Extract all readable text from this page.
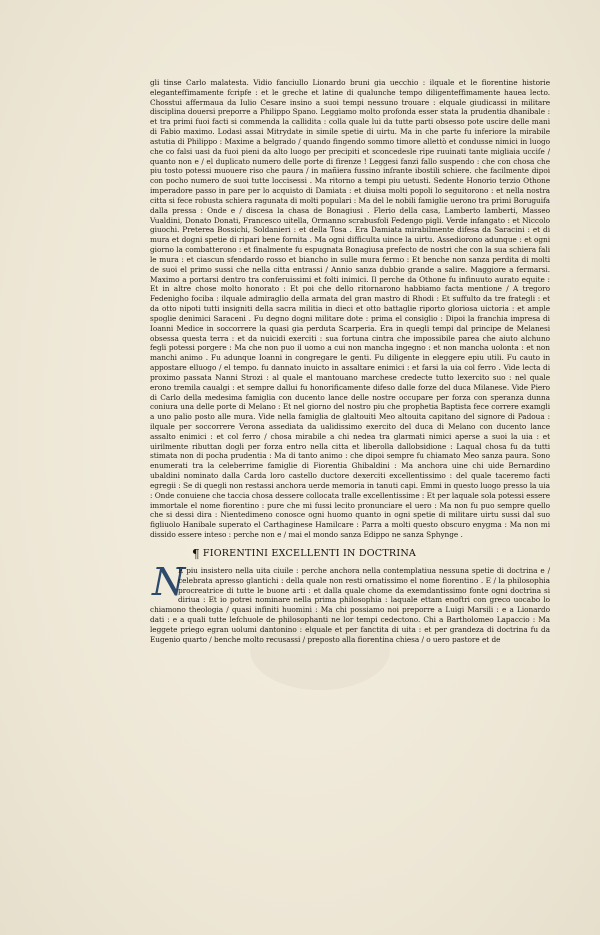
gli tinse Carlo malatesta. Vidio fanciullo Lionardo bruni gia uecchio : ilquale et le fiorentine historie eleganteffimamente fcripfe : et le greche et latine di qualunche tempo diligenteffimamente hauea lecto. Chosstui affermaua da Iulio Cesare insino a suoi tempi nessuno trouare : elquale giudicassi in militare disciplina douersi preporre a Philippo Spano. Leggiamo molto profonda esser stata la prudentia dhanibale : et tra primi fuoi facti si commenda la callidita : colla quale lui da tutte parti obsesso pote uscire delle mani di Fabio maximo. Lodasi assai Mitrydate in simile spetie di uirtu. Ma in che parte fu inferiore la mirabile astutia di Philippo : Maxime a belgrado / quando fingendo sommo timore allettò et condusse nimici in luogo che co falsi uasi da fuoi pieni da alto luogo per precipiti et sconcedesle ripe ruuinati tante migliaia ucciſe / quanto non e / el duplicato numero delle porte di firenze ! Leggesi fanzi fallo suspendo : che con chosa che piu tosto potessi muouere riso che paura / in mañiera fussino inſrante ibostili schiere. che facilmente dipoi con pocho numero de suoi tutte loccisessi . Ma ritorno a tempi piu uetusti. Sedente Honorio terzio Othone imperadore passo in pare per lo acquisto di Damiata : et diuisa molti popoli lo seguitorono : et nella nostra citta si fece robusta schiera ragunata di molti populari : Ma del le nobili famiglie uerono tra primi Boruguifa dalla pressa : Onde e / discesa la chasa de Bonagiusi . Flerio della casa, Lamberto lamberti, Masseo Vualdini, Donato Donati, Francesco uitella, Ormanno scrabusfoli Fedengo pigli. Verde infangato : et Niccolo giuochi. Preterea Bossichi, Soldanieri : et della Tosa . Era Damiata mirabilmente difesa da Saracini : et di mura et dogni spetie di ripari bene fornita . Ma ogni difficulta uince la uirtu. Assediorono adunque : et ogni giorno la combatterono : et finalmente fu espugnata Bonagiusa prefecto de nostri che con la sua schiera fali le mura : et ciascun sfendardo rosso et biancho in sulle mura fermo : Et benche non sanza perdita di molti de suoi el primo sussi che nella citta entrassi / Annio sanza dubbio grande a salire. Maggiore a fermarsi. Maximo a portarsi dentro tra conferuissimi et folti inimici. Il perche da Othone fu infinuuto aurato equite : Et in altre chose molto honorato : Et poi che dello ritornarono habbiamo facta mentione / A tregoro Fedenigho fociba : ilquale admiraglio della armata del gran mastro di Rhodi : Et suffulto da tre frategli : et da otto nipoti tutti insigniti della sacra militia in dieci et otto battaglie riporto gloriosa uictoria : et ample spoglie denimici Saraceni . Fu degno dogni militare dote : prima el consiglio : Dipoi la franchia impresa di Ioanni Medice in soccorrere la quasi gia perduta Scarperia. Era in quegli tempi dal principe de Melanesi obsessa questa terra : et da nuicidi exerciti : sua fortuna cintra che impossibile parea che aiuto alchuno fegli potessi porgere : Ma che non puo il uomo a cui non mancha ingegno : et non mancha uolonta : et non manchi animo . Fu adunque Ioanni in congregare le genti. Fu diligente in eleggere epiu utili. Fu cauto in appostare elluogo / el tempo. fu dannato inuicto in assaltare enimici : et farsi la uia col ferro . Vide lecta di proximo passata Nanni Strozi : al quale el mantouano marchese credecte tutto lexercito suo : nel quale erono tremila caualgi : et sempre dallui fu honorificamente difeso dalle forze del duca Milanese. Vide Piero di Carlo della medesima famiglia con ducento lance delle nostre occupare per forza con speranza dunna coniura una delle porte di Melano : Et nel giorno del nostro piu che prophetia Baptista fece correre examgli a uno palio posto alle mura. Vide nella famiglia de glaltouiti Meo altouita capitano del signore di Padoua : ilquale per soccorrere Verona assediata da ualidissimo exercito del duca di Melano con ducento lance assalto enimici : et col ferro / chosa mirabile a chi nedea tra glarmati nimici aperse a suoi la uia : et uirilmente ributtan dogli per forza entro nella citta et liberolla dallobsidione : Laqual chosa fu da tutti stimata non di pocha prudentia : Ma di tanto animo : che dipoi sempre fu chiamato Meo sanza paura. Sono enumerati tra la celeberrime famiglie di Fiorentia Ghibaldini : Ma anchora uine chi uide Bernardino ubaldini nominato dalla Carda loro castello ductore dexerciti excellentissimo : del quale taceremo facti egregii : Se di quegli non restassi anchora uerde memoria in tanuti capi. Emmi in questo luogo presso la uia : Onde conuiene che taccia chosa dessere collocata tralle excellentissime : Et per laquale sola potessi essere immortale el nome fiorentino : pure che mi fussi lecito pronunciare el uero : Ma non fu puo sempre quello che si dessi dira : Nientedimeno conosce ogni huomo quanto in ogni spetie di militare uirtu sussi dal suo figliuolo Hanibale superato el Carthaginese Hamilcare : Parra a molti questo obscuro enygma : Ma non mi dissido essere inteso : perche non e / mai el mondo sanza Edippo ne sanza Sphynge .

¶ FIORENTINI EXCELLENTI IN DOCTRINA
N

E piu insistero nella uita ciuile : perche anchora nella contemplatiua nessuna spetie di doctrina e / celebrata apresso glantichi : della quale non resti ornatissimo el nome fiorentino . E / la philosophia procreatrice di tutte le buone arti : et dalla quale chome da exemdantissimo fonte ogni doctrina si diriua : Et io potrei nominare nella prima philosophia : laquale ettam enoftri con greco uocabo lo chiamono theologia / quasi infiniti huomini : Ma chi possiamo noi preporre a Luigi Marsili : e a Lionardo dati : e a quali tutte lefchuole de philosophanti ne lor tempi cedectono. Chi a Bartholomeo Lapaccio : Ma leggete priego egran uolumi dantonino : elquale et per fanctita di uita : et per grandeza di doctrina fu da Eugenio quarto / benche molto recusassi / preposto alla fiorentina chiesa / o uero pastore et de
